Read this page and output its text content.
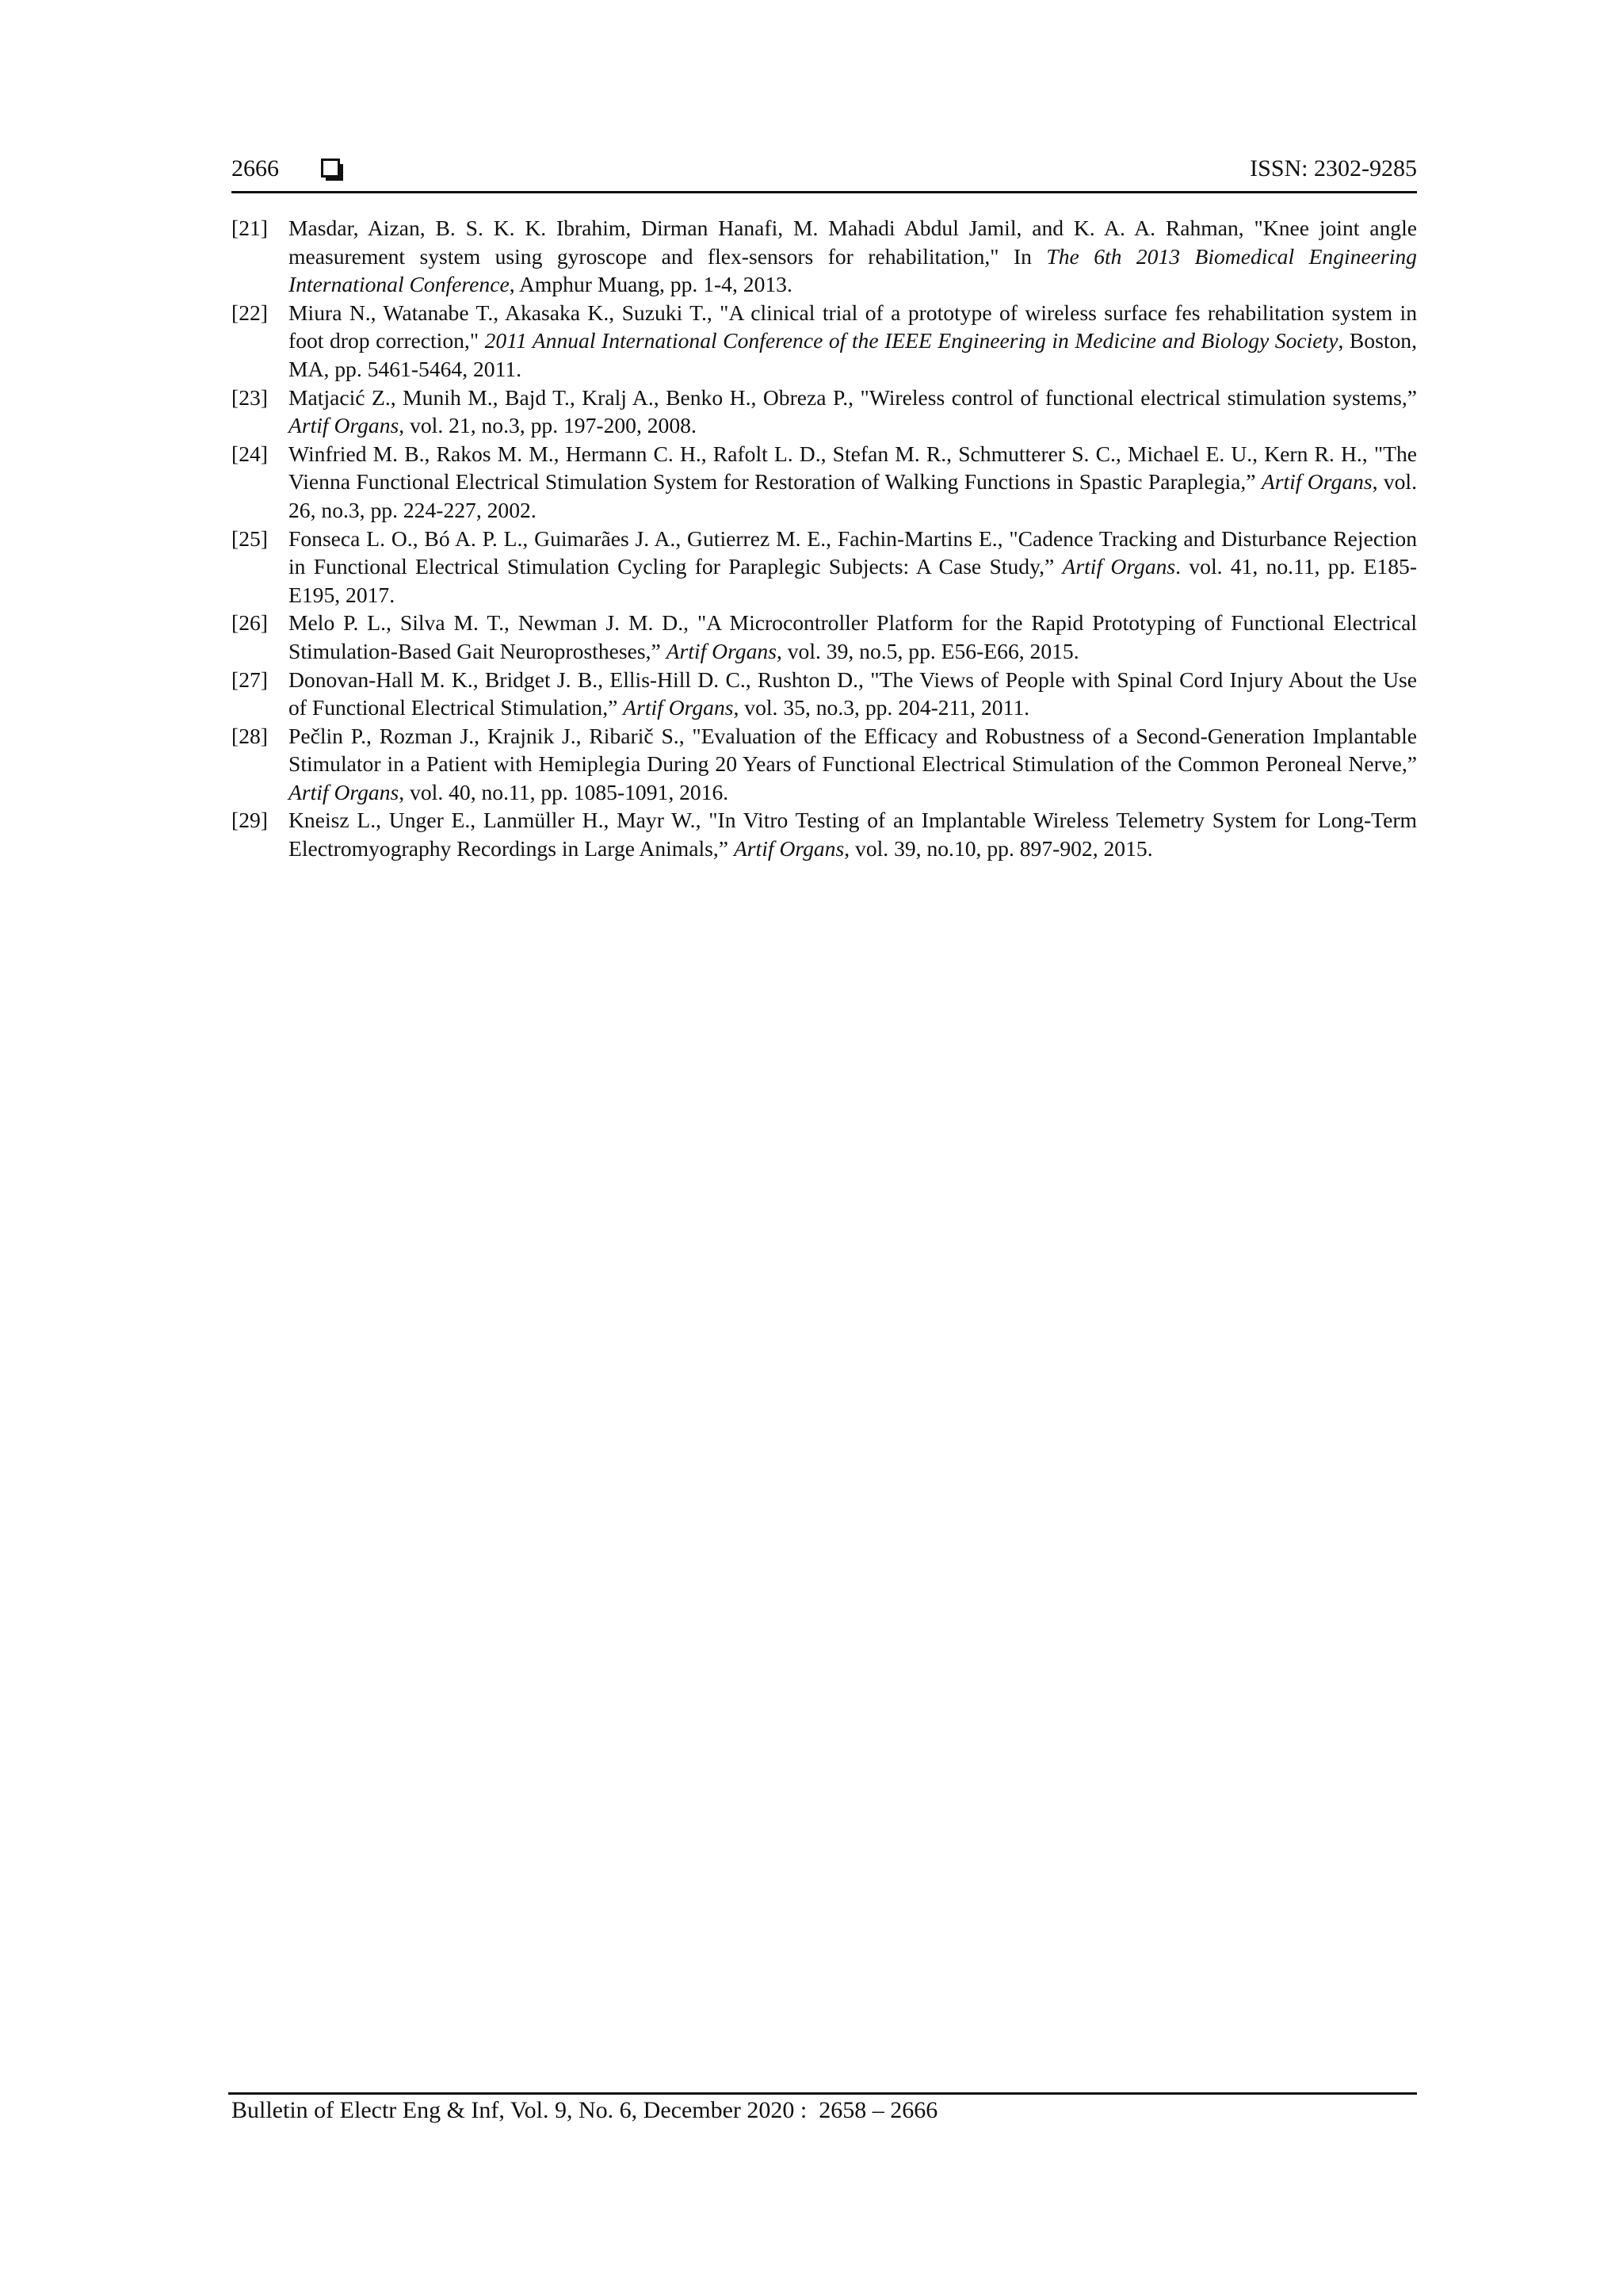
2666	ISSN: 2302-9285
[21] Masdar, Aizan, B. S. K. K. Ibrahim, Dirman Hanafi, M. Mahadi Abdul Jamil, and K. A. A. Rahman, "Knee joint angle measurement system using gyroscope and flex-sensors for rehabilitation," In The 6th 2013 Biomedical Engineering International Conference, Amphur Muang, pp. 1-4, 2013.
[22] Miura N., Watanabe T., Akasaka K., Suzuki T., "A clinical trial of a prototype of wireless surface fes rehabilitation system in foot drop correction," 2011 Annual International Conference of the IEEE Engineering in Medicine and Biology Society, Boston, MA, pp. 5461-5464, 2011.
[23] Matjacić Z., Munih M., Bajd T., Kralj A., Benko H., Obreza P., "Wireless control of functional electrical stimulation systems,” Artif Organs, vol. 21, no.3, pp. 197-200, 2008.
[24] Winfried M. B., Rakos M. M., Hermann C. H., Rafolt L. D., Stefan M. R., Schmutterer S. C., Michael E. U., Kern R. H., "The Vienna Functional Electrical Stimulation System for Restoration of Walking Functions in Spastic Paraplegia,” Artif Organs, vol. 26, no.3, pp. 224-227, 2002.
[25] Fonseca L. O., Bó A. P. L., Guimarães J. A., Gutierrez M. E., Fachin-Martins E., "Cadence Tracking and Disturbance Rejection in Functional Electrical Stimulation Cycling for Paraplegic Subjects: A Case Study,” Artif Organs. vol. 41, no.11, pp. E185-E195, 2017.
[26] Melo P. L., Silva M. T., Newman J. M. D., "A Microcontroller Platform for the Rapid Prototyping of Functional Electrical Stimulation-Based Gait Neuroprostheses,” Artif Organs, vol. 39, no.5, pp. E56-E66, 2015.
[27] Donovan-Hall M. K., Bridget J. B., Ellis-Hill D. C., Rushton D., "The Views of People with Spinal Cord Injury About the Use of Functional Electrical Stimulation,” Artif Organs, vol. 35, no.3, pp. 204-211, 2011.
[28] Pečlin P., Rozman J., Krajnik J., Ribarič S., "Evaluation of the Efficacy and Robustness of a Second-Generation Implantable Stimulator in a Patient with Hemiplegia During 20 Years of Functional Electrical Stimulation of the Common Peroneal Nerve,” Artif Organs, vol. 40, no.11, pp. 1085-1091, 2016.
[29] Kneisz L., Unger E., Lanmüller H., Mayr W., "In Vitro Testing of an Implantable Wireless Telemetry System for Long-Term Electromyography Recordings in Large Animals,” Artif Organs, vol. 39, no.10, pp. 897-902, 2015.
Bulletin of Electr Eng & Inf, Vol. 9, No. 6, December 2020 :  2658 – 2666
